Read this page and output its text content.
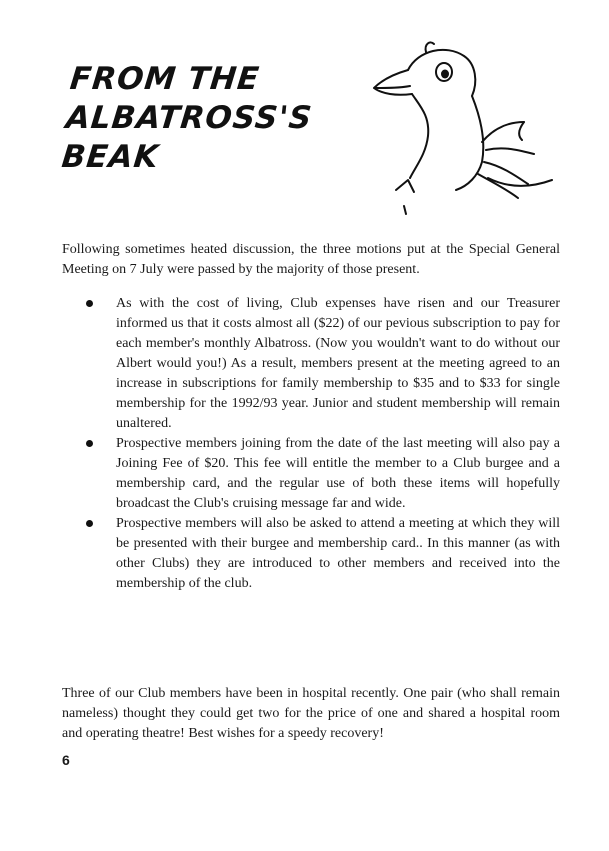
FROM THE
ALBATROSS'S
BEAK

Following sometimes heated discussion, the three motions put at the Special General Meeting on 7 July were passed by the majority of those present.

As with the cost of living, Club expenses have risen and our Treasurer informed us that it costs almost all ($22) of our pevious subscription to pay for each member's monthly Albatross. (Now you wouldn't want to do without our Albert would you!) As a result, members present at the meeting agreed to an increase in subscriptions for family membership to $35 and to $33 for single membership for the 1992/93 year. Junior and student membership will remain unaltered.
Prospective members joining from the date of the last meeting will also pay a Joining Fee of $20. This fee will entitle the member to a Club burgee and a membership card, and the regular use of both these items will hopefully broadcast the Club's cruising message far and wide.
Prospective members will also be asked to attend a meeting at which they will be presented with their burgee and membership card.. In this manner (as with other Clubs) they are introduced to other members and received into the membership of the club.

Three of our Club members have been in hospital recently. One pair (who shall remain nameless) thought they could get two for the price of one and shared a hospital room and operating theatre! Best wishes for a speedy recovery!

6
